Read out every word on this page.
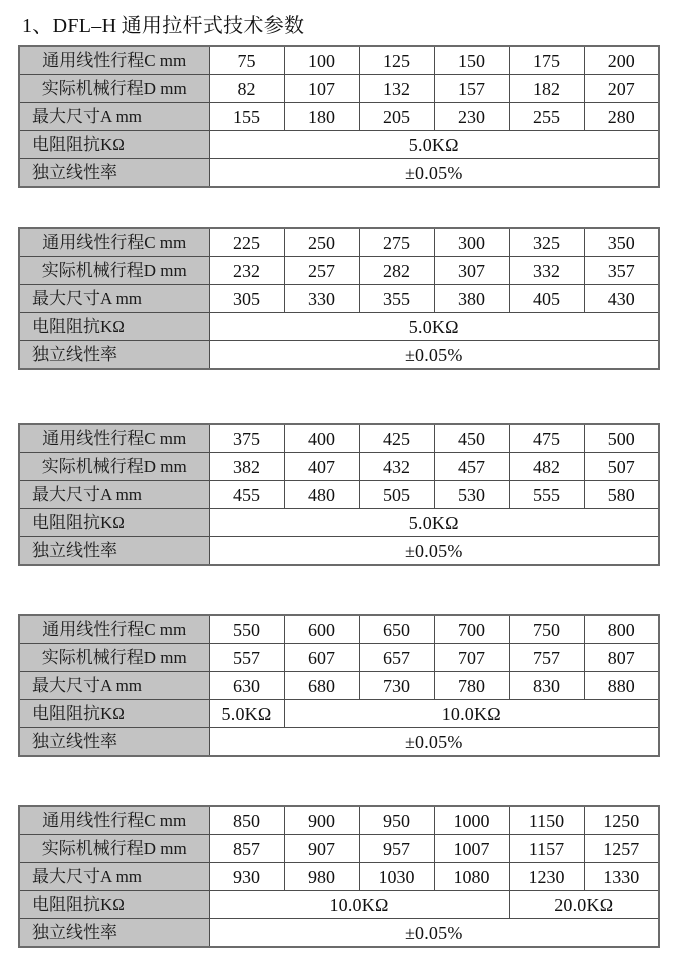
1、DFL–H 通用拉杆式技术参数
通用线性行程C mm	75	100	125	150	175	200
实际机械行程D mm	82	107	132	157	182	207
最大尺寸A mm	155	180	205	230	255	280
电阻阻抗KΩ	5.0KΩ					
独立线性率	±0.05%					
通用线性行程C mm	225	250	275	300	325	350
实际机械行程D mm	232	257	282	307	332	357
最大尺寸A mm	305	330	355	380	405	430
电阻阻抗KΩ	5.0KΩ					
独立线性率	±0.05%					
通用线性行程C mm	375	400	425	450	475	500
实际机械行程D mm	382	407	432	457	482	507
最大尺寸A mm	455	480	505	530	555	580
电阻阻抗KΩ	5.0KΩ					
独立线性率	±0.05%					
通用线性行程C mm	550	600	650	700	750	800
实际机械行程D mm	557	607	657	707	757	807
最大尺寸A mm	630	680	730	780	830	880
电阻阻抗KΩ	5.0KΩ	10.0KΩ				
独立线性率	±0.05%					
通用线性行程C mm	850	900	950	1000	1150	1250
实际机械行程D mm	857	907	957	1007	1157	1257
最大尺寸A mm	930	980	1030	1080	1230	1330
电阻阻抗KΩ	10.0KΩ				20.0KΩ	
独立线性率	±0.05%					
